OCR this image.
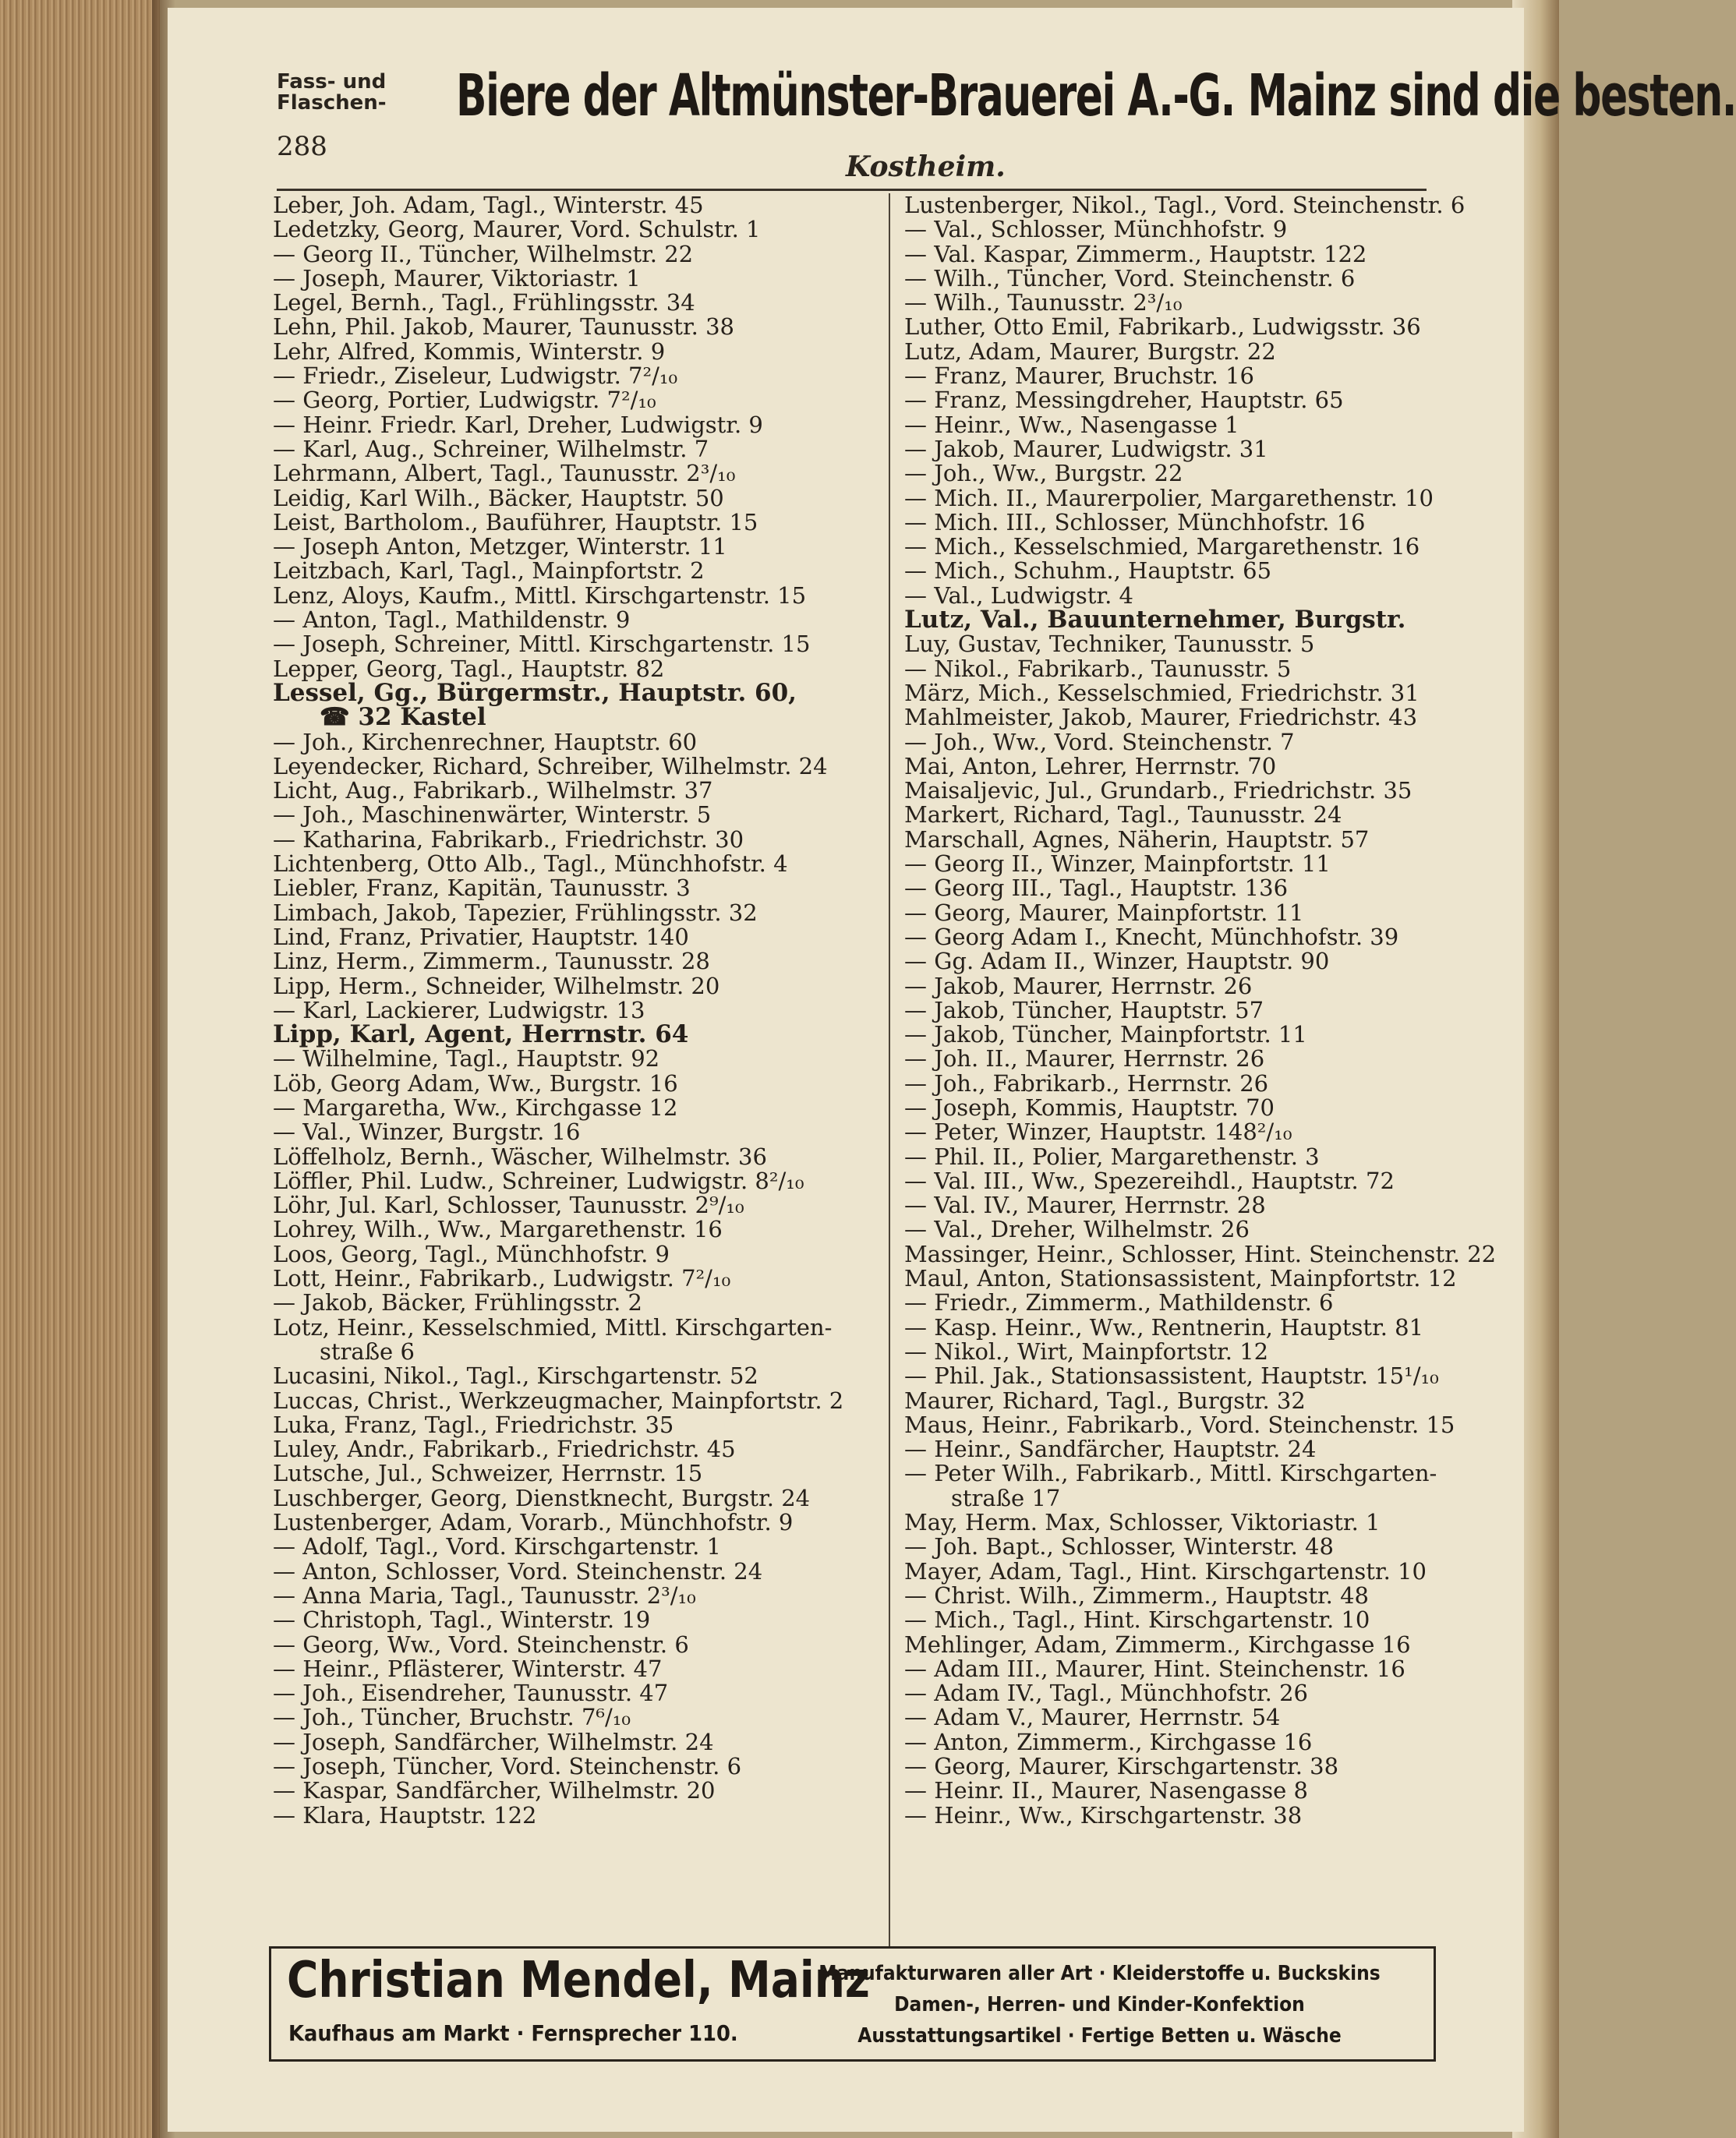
Fass- und
Flaschen- Biere der Altmünster-Brauerei A.-G. Mainz sind die besten.
288
Kostheim.
Leber, Joh. Adam, Tagl., Winterstr. 45
Ledetzky, Georg, Maurer, Vord. Schulstr. 1
— Georg II., Tüncher, Wilhelmstr. 22
— Joseph, Maurer, Viktoriastr. 1
Legel, Bernh., Tagl., Frühlingsstr. 34
Lehn, Phil. Jakob, Maurer, Taunusstr. 38
Lehr, Alfred, Kommis, Winterstr. 9
— Friedr., Ziseleur, Ludwigstr. 7²/₁₀
— Georg, Portier, Ludwigstr. 7²/₁₀
— Heinr. Friedr. Karl, Dreher, Ludwigstr. 9
— Karl, Aug., Schreiner, Wilhelmstr. 7
Lehrmann, Albert, Tagl., Taunusstr. 2³/₁₀
Leidig, Karl Wilh., Bäcker, Hauptstr. 50
Leist, Bartholom., Bauführer, Hauptstr. 15
— Joseph Anton, Metzger, Winterstr. 11
Leitzbach, Karl, Tagl., Mainpfortstr. 2
Lenz, Aloys, Kaufm., Mittl. Kirschgartenstr. 15
— Anton, Tagl., Mathildenstr. 9
— Joseph, Schreiner, Mittl. Kirschgartenstr. 15
Lepper, Georg, Tagl., Hauptstr. 82
Lessel, Gg., Bürgermstr., Hauptstr. 60,
☎ 32 Kastel
— Joh., Kirchenrechner, Hauptstr. 60
Leyendecker, Richard, Schreiber, Wilhelmstr. 24
Licht, Aug., Fabrikarb., Wilhelmstr. 37
— Joh., Maschinenwärter, Winterstr. 5
— Katharina, Fabrikarb., Friedrichstr. 30
Lichtenberg, Otto Alb., Tagl., Münchhofstr. 4
Liebler, Franz, Kapitän, Taunusstr. 3
Limbach, Jakob, Tapezier, Frühlingsstr. 32
Lind, Franz, Privatier, Hauptstr. 140
Linz, Herm., Zimmerm., Taunusstr. 28
Lipp, Herm., Schneider, Wilhelmstr. 20
— Karl, Lackierer, Ludwigstr. 13
Lipp, Karl, Agent, Herrnstr. 64
— Wilhelmine, Tagl., Hauptstr. 92
Löb, Georg Adam, Ww., Burgstr. 16
— Margaretha, Ww., Kirchgasse 12
— Val., Winzer, Burgstr. 16
Löffelholz, Bernh., Wäscher, Wilhelmstr. 36
Löffler, Phil. Ludw., Schreiner, Ludwigstr. 8²/₁₀
Löhr, Jul. Karl, Schlosser, Taunusstr. 2⁹/₁₀
Lohrey, Wilh., Ww., Margarethenstr. 16
Loos, Georg, Tagl., Münchhofstr. 9
Lott, Heinr., Fabrikarb., Ludwigstr. 7²/₁₀
— Jakob, Bäcker, Frühlingsstr. 2
Lotz, Heinr., Kesselschmied, Mittl. Kirschgarten-
straße 6
Lucasini, Nikol., Tagl., Kirschgartenstr. 52
Luccas, Christ., Werkzeugmacher, Mainpfortstr. 2
Luka, Franz, Tagl., Friedrichstr. 35
Luley, Andr., Fabrikarb., Friedrichstr. 45
Lutsche, Jul., Schweizer, Herrnstr. 15
Luschberger, Georg, Dienstknecht, Burgstr. 24
Lustenberger, Adam, Vorarb., Münchhofstr. 9
— Adolf, Tagl., Vord. Kirschgartenstr. 1
— Anton, Schlosser, Vord. Steinchenstr. 24
— Anna Maria, Tagl., Taunusstr. 2³/₁₀
— Christoph, Tagl., Winterstr. 19
— Georg, Ww., Vord. Steinchenstr. 6
— Heinr., Pflästerer, Winterstr. 47
— Joh., Eisendreher, Taunusstr. 47
— Joh., Tüncher, Bruchstr. 7⁶/₁₀
— Joseph, Sandfärcher, Wilhelmstr. 24
— Joseph, Tüncher, Vord. Steinchenstr. 6
— Kaspar, Sandfärcher, Wilhelmstr. 20
— Klara, Hauptstr. 122
Lustenberger, Nikol., Tagl., Vord. Steinchenstr. 6
— Val., Schlosser, Münchhofstr. 9
— Val. Kaspar, Zimmerm., Hauptstr. 122
— Wilh., Tüncher, Vord. Steinchenstr. 6
— Wilh., Taunusstr. 2³/₁₀
Luther, Otto Emil, Fabrikarb., Ludwigsstr. 36
Lutz, Adam, Maurer, Burgstr. 22
— Franz, Maurer, Bruchstr. 16
— Franz, Messingdreher, Hauptstr. 65
— Heinr., Ww., Nasengasse 1
— Jakob, Maurer, Ludwigstr. 31
— Joh., Ww., Burgstr. 22
— Mich. II., Maurerpolier, Margarethenstr. 10
— Mich. III., Schlosser, Münchhofstr. 16
— Mich., Kesselschmied, Margarethenstr. 16
— Mich., Schuhm., Hauptstr. 65
— Val., Ludwigstr. 4
Lutz, Val., Bauunternehmer, Burgstr.
Luy, Gustav, Techniker, Taunusstr. 5
— Nikol., Fabrikarb., Taunusstr. 5
März, Mich., Kesselschmied, Friedrichstr. 31
Mahlmeister, Jakob, Maurer, Friedrichstr. 43
— Joh., Ww., Vord. Steinchenstr. 7
Mai, Anton, Lehrer, Herrnstr. 70
Maisaljevic, Jul., Grundarb., Friedrichstr. 35
Markert, Richard, Tagl., Taunusstr. 24
Marschall, Agnes, Näherin, Hauptstr. 57
— Georg II., Winzer, Mainpfortstr. 11
— Georg III., Tagl., Hauptstr. 136
— Georg, Maurer, Mainpfortstr. 11
— Georg Adam I., Knecht, Münchhofstr. 39
— Gg. Adam II., Winzer, Hauptstr. 90
— Jakob, Maurer, Herrnstr. 26
— Jakob, Tüncher, Hauptstr. 57
— Jakob, Tüncher, Mainpfortstr. 11
— Joh. II., Maurer, Herrnstr. 26
— Joh., Fabrikarb., Herrnstr. 26
— Joseph, Kommis, Hauptstr. 70
— Peter, Winzer, Hauptstr. 148²/₁₀
— Phil. II., Polier, Margarethenstr. 3
— Val. III., Ww., Spezereihdl., Hauptstr. 72
— Val. IV., Maurer, Herrnstr. 28
— Val., Dreher, Wilhelmstr. 26
Massinger, Heinr., Schlosser, Hint. Steinchenstr. 22
Maul, Anton, Stationsassistent, Mainpfortstr. 12
— Friedr., Zimmerm., Mathildenstr. 6
— Kasp. Heinr., Ww., Rentnerin, Hauptstr. 81
— Nikol., Wirt, Mainpfortstr. 12
— Phil. Jak., Stationsassistent, Hauptstr. 15¹/₁₀
Maurer, Richard, Tagl., Burgstr. 32
Maus, Heinr., Fabrikarb., Vord. Steinchenstr. 15
— Heinr., Sandfärcher, Hauptstr. 24
— Peter Wilh., Fabrikarb., Mittl. Kirschgarten-
straße 17
May, Herm. Max, Schlosser, Viktoriastr. 1
— Joh. Bapt., Schlosser, Winterstr. 48
Mayer, Adam, Tagl., Hint. Kirschgartenstr. 10
— Christ. Wilh., Zimmerm., Hauptstr. 48
— Mich., Tagl., Hint. Kirschgartenstr. 10
Mehlinger, Adam, Zimmerm., Kirchgasse 16
— Adam III., Maurer, Hint. Steinchenstr. 16
— Adam IV., Tagl., Münchhofstr. 26
— Adam V., Maurer, Herrnstr. 54
— Anton, Zimmerm., Kirchgasse 16
— Georg, Maurer, Kirschgartenstr. 38
— Heinr. II., Maurer, Nasengasse 8
— Heinr., Ww., Kirschgartenstr. 38
Christian Mendel, Mainz
Kaufhaus am Markt · Fernsprecher 110.
Manufakturwaren aller Art · Kleiderstoffe u. Buckskins
Damen-, Herren- und Kinder-Konfektion
Ausstattungsartikel · Fertige Betten u. Wäsche
